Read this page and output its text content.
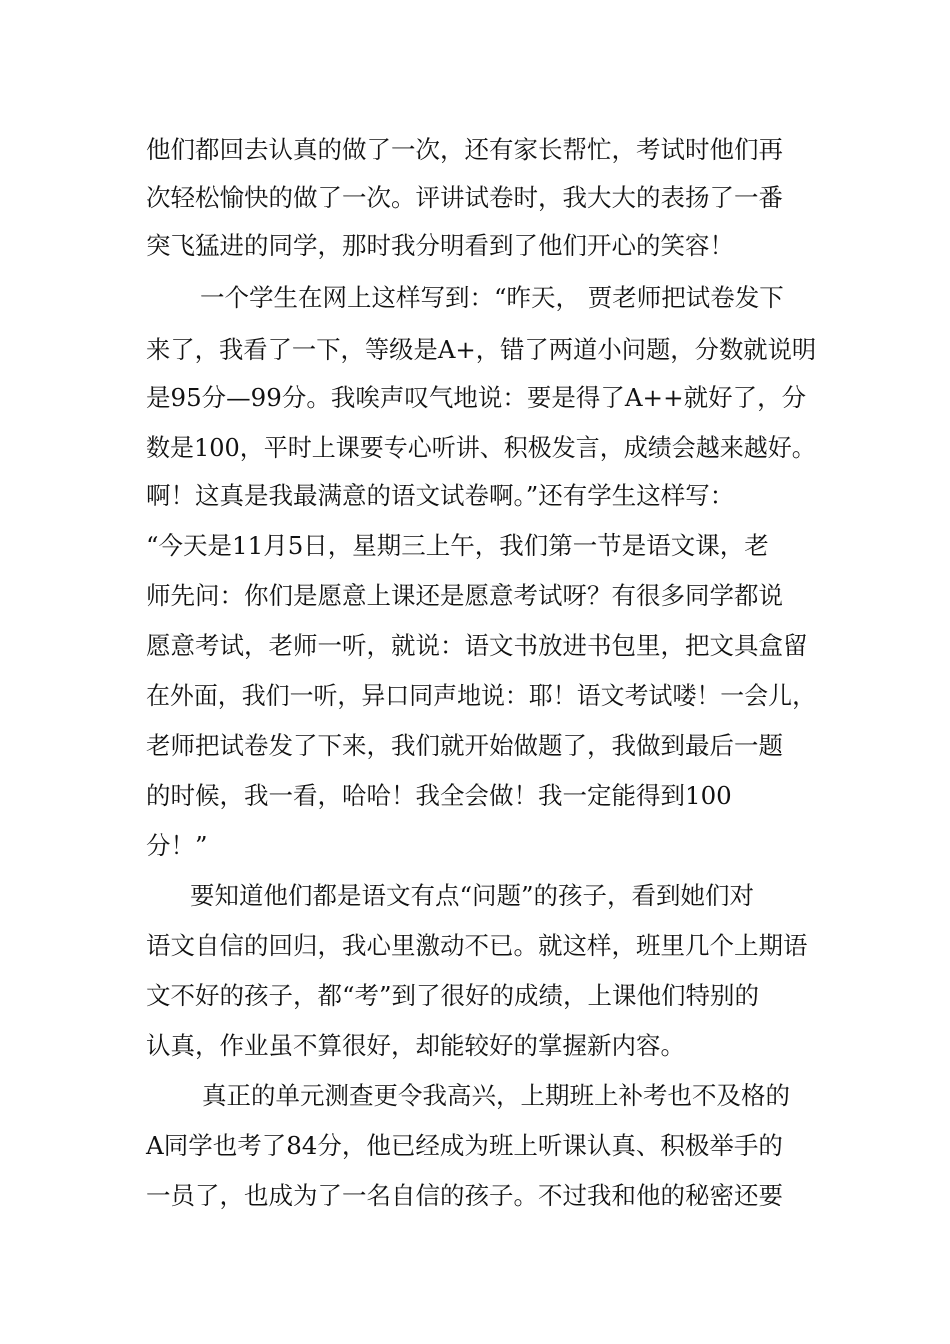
他们都回去认真的做了一次，还有家长帮忙，考试时他们再
次轻松愉快的做了一次。评讲试卷时，我大大的表扬了一番
突飞猛进的同学，那时我分明看到了他们开心的笑容！
一个学生在网上这样写到：“昨天， 贾老师把试卷发下
来了，我看了一下，等级是A+，错了两道小问题，分数就说明
是95分—99分。我唉声叹气地说：要是得了A++就好了，分
数是100，平时上课要专心听讲、积极发言，成绩会越来越好。
啊！这真是我最满意的语文试卷啊。”还有学生这样写：
“今天是11月5日，星期三上午，我们第一节是语文课，老
师先问：你们是愿意上课还是愿意考试呀？有很多同学都说
愿意考试，老师一听，就说：语文书放进书包里，把文具盒留
在外面，我们一听，异口同声地说：耶！语文考试喽！一会儿，
老师把试卷发了下来，我们就开始做题了，我做到最后一题
的时候，我一看，哈哈！我全会做！我一定能得到100
分！”
要知道他们都是语文有点“问题”的孩子，看到她们对
语文自信的回归，我心里激动不已。就这样，班里几个上期语
文不好的孩子，都“考”到了很好的成绩，上课他们特别的
认真，作业虽不算很好，却能较好的掌握新内容。
真正的单元测查更令我高兴，上期班上补考也不及格的
A同学也考了84分，他已经成为班上听课认真、积极举手的
一员了，也成为了一名自信的孩子。不过我和他的秘密还要
